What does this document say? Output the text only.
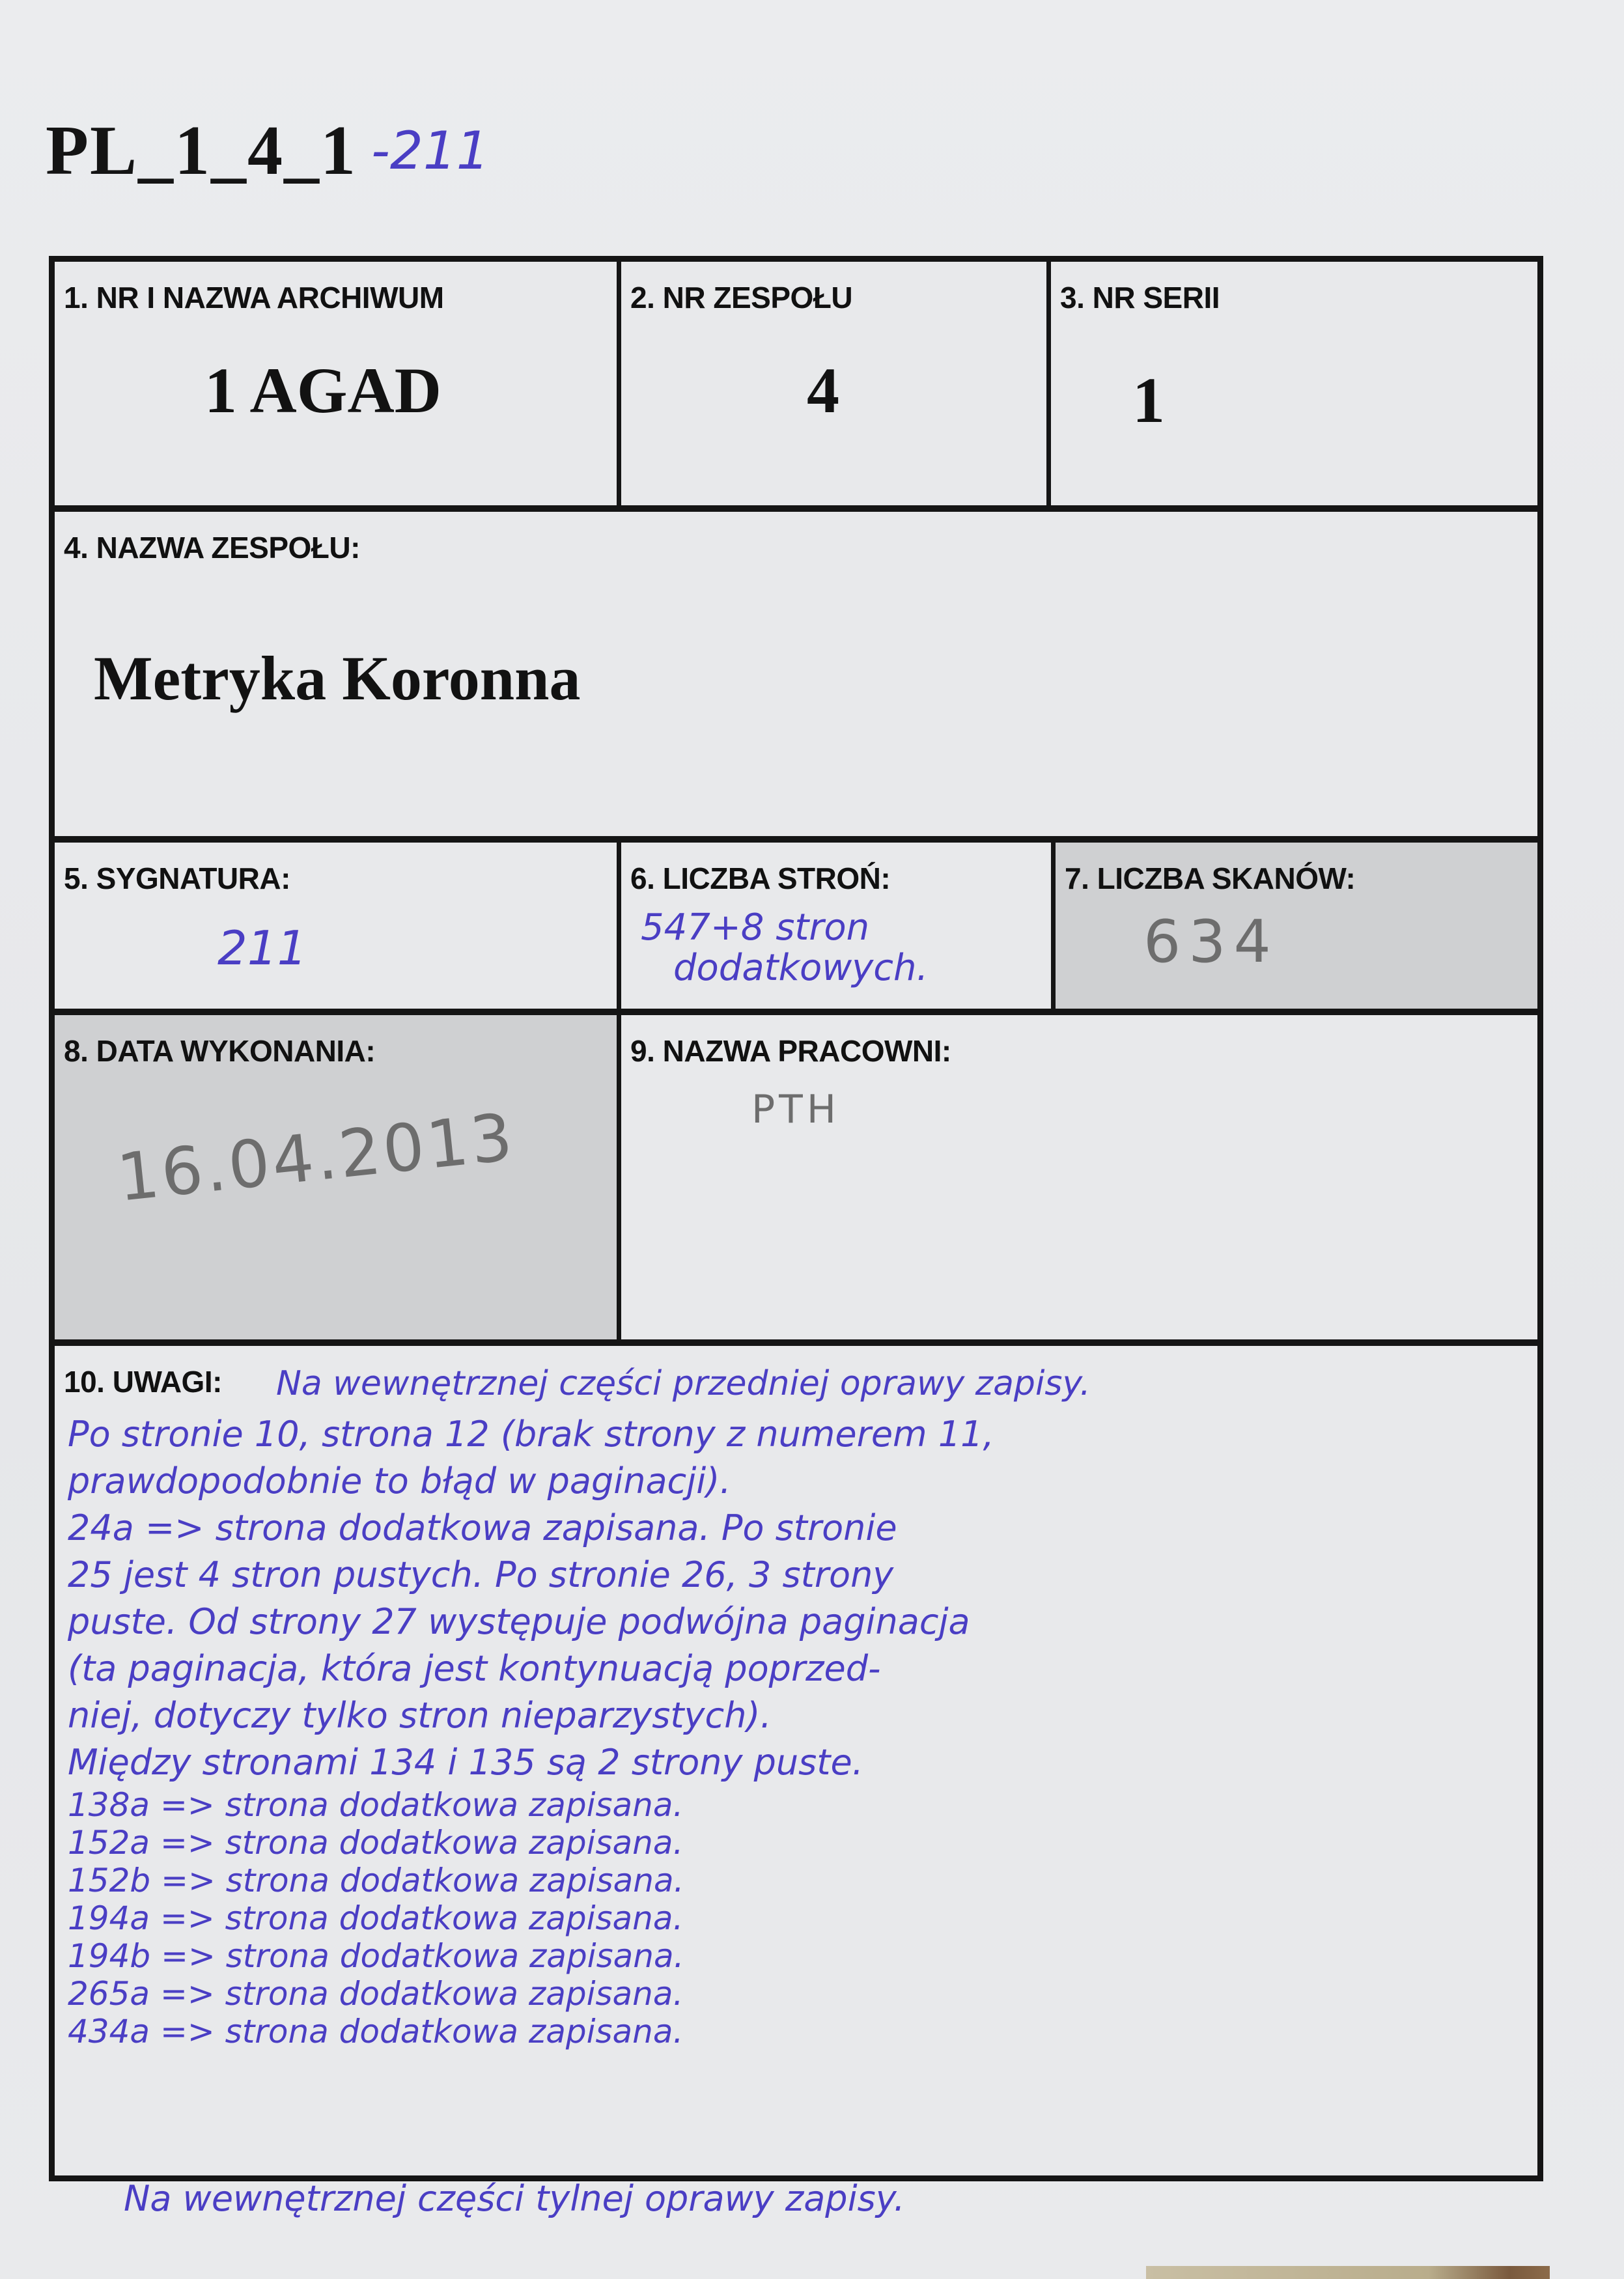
PL_1_4_1 -211
1. NR I NAZWA ARCHIWUM
1 AGAD
2. NR ZESPOŁU
4
3. NR SERII
1
4. NAZWA ZESPOŁU:
Metryka Koronna
5. SYGNATURA:
211
6. LICZBA STROŃ:
547+8 stron
dodatkowych.
7. LICZBA SKANÓW:
634
8. DATA WYKONANIA:
16.04.2013
9. NAZWA PRACOWNI:
PTH
10. UWAGI: Na wewnętrznej części przedniej oprawy zapisy.
Po stronie 10, strona 12 (brak strony z numerem 11,
prawdopodobnie to błąd w paginacji).
24a => strona dodatkowa zapisana. Po stronie
25 jest 4 stron pustych. Po stronie 26, 3 strony
puste. Od strony 27 występuje podwójna paginacja
(ta paginacja, która jest kontynuacją poprzed-
niej, dotyczy tylko stron nieparzystych).
Między stronami 134 i 135 są 2 strony puste.
138a => strona dodatkowa zapisana.
152a => strona dodatkowa zapisana.
152b => strona dodatkowa zapisana.
194a => strona dodatkowa zapisana.
194b => strona dodatkowa zapisana.
265a => strona dodatkowa zapisana.
434a => strona dodatkowa zapisana.
Na wewnętrznej części tylnej oprawy zapisy.
